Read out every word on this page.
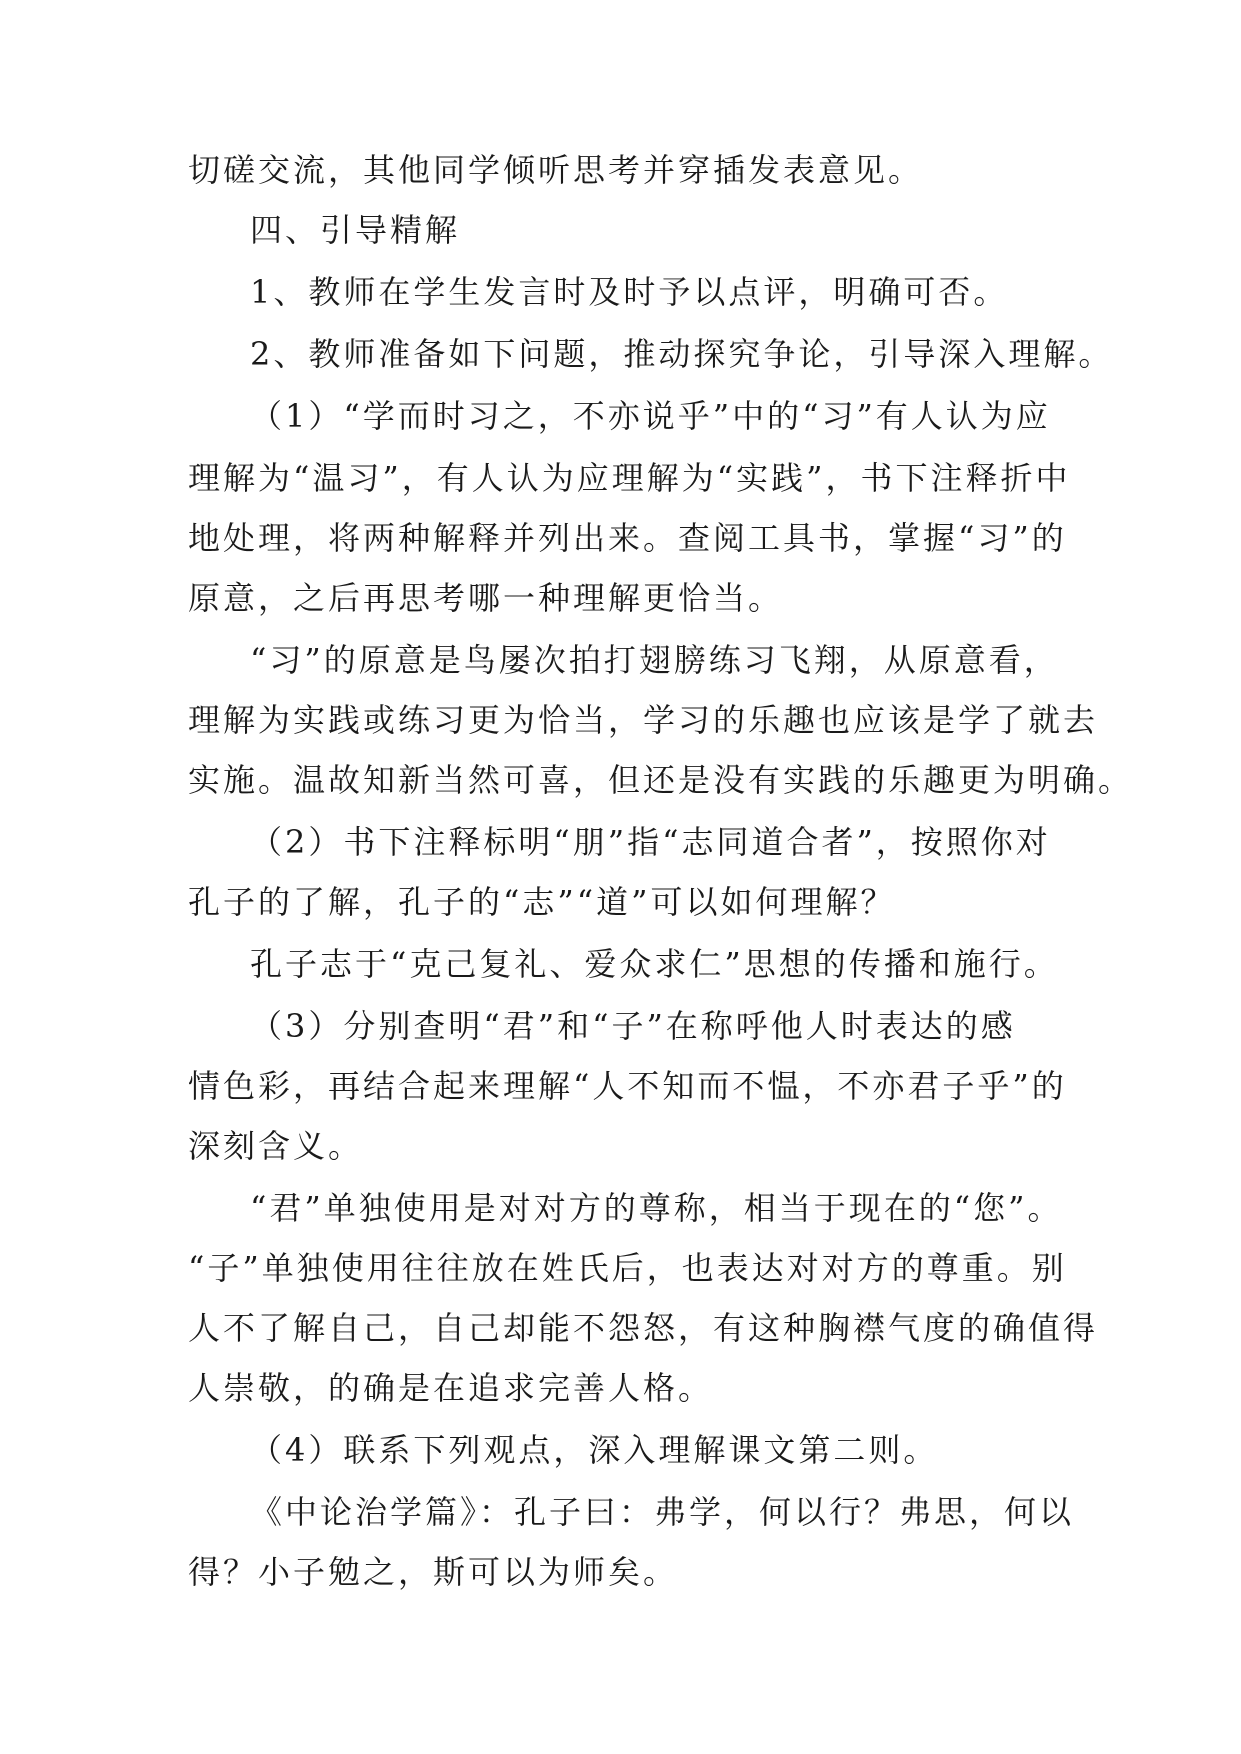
切磋交流，其他同学倾听思考并穿插发表意见。
四、引导精解
1、教师在学生发言时及时予以点评，明确可否。
2、教师准备如下问题，推动探究争论，引导深入理解。
（1）“学而时习之，不亦说乎”中的“习”有人认为应
理解为“温习”，有人认为应理解为“实践”，书下注释折中
地处理，将两种解释并列出来。查阅工具书，掌握“习”的
原意，之后再思考哪一种理解更恰当。
“习”的原意是鸟屡次拍打翅膀练习飞翔，从原意看，
理解为实践或练习更为恰当，学习的乐趣也应该是学了就去
实施。温故知新当然可喜，但还是没有实践的乐趣更为明确。
（2）书下注释标明“朋”指“志同道合者”，按照你对
孔子的了解，孔子的“志”“道”可以如何理解？
孔子志于“克己复礼、爱众求仁”思想的传播和施行。
（3）分别查明“君”和“子”在称呼他人时表达的感
情色彩，再结合起来理解“人不知而不愠，不亦君子乎”的
深刻含义。
“君”单独使用是对对方的尊称，相当于现在的“您”。
“子”单独使用往往放在姓氏后，也表达对对方的尊重。别
人不了解自己，自己却能不怨怒，有这种胸襟气度的确值得
人崇敬，的确是在追求完善人格。
（4）联系下列观点，深入理解课文第二则。
《中论治学篇》：孔子曰：弗学，何以行？弗思，何以
得？小子勉之，斯可以为师矣。
